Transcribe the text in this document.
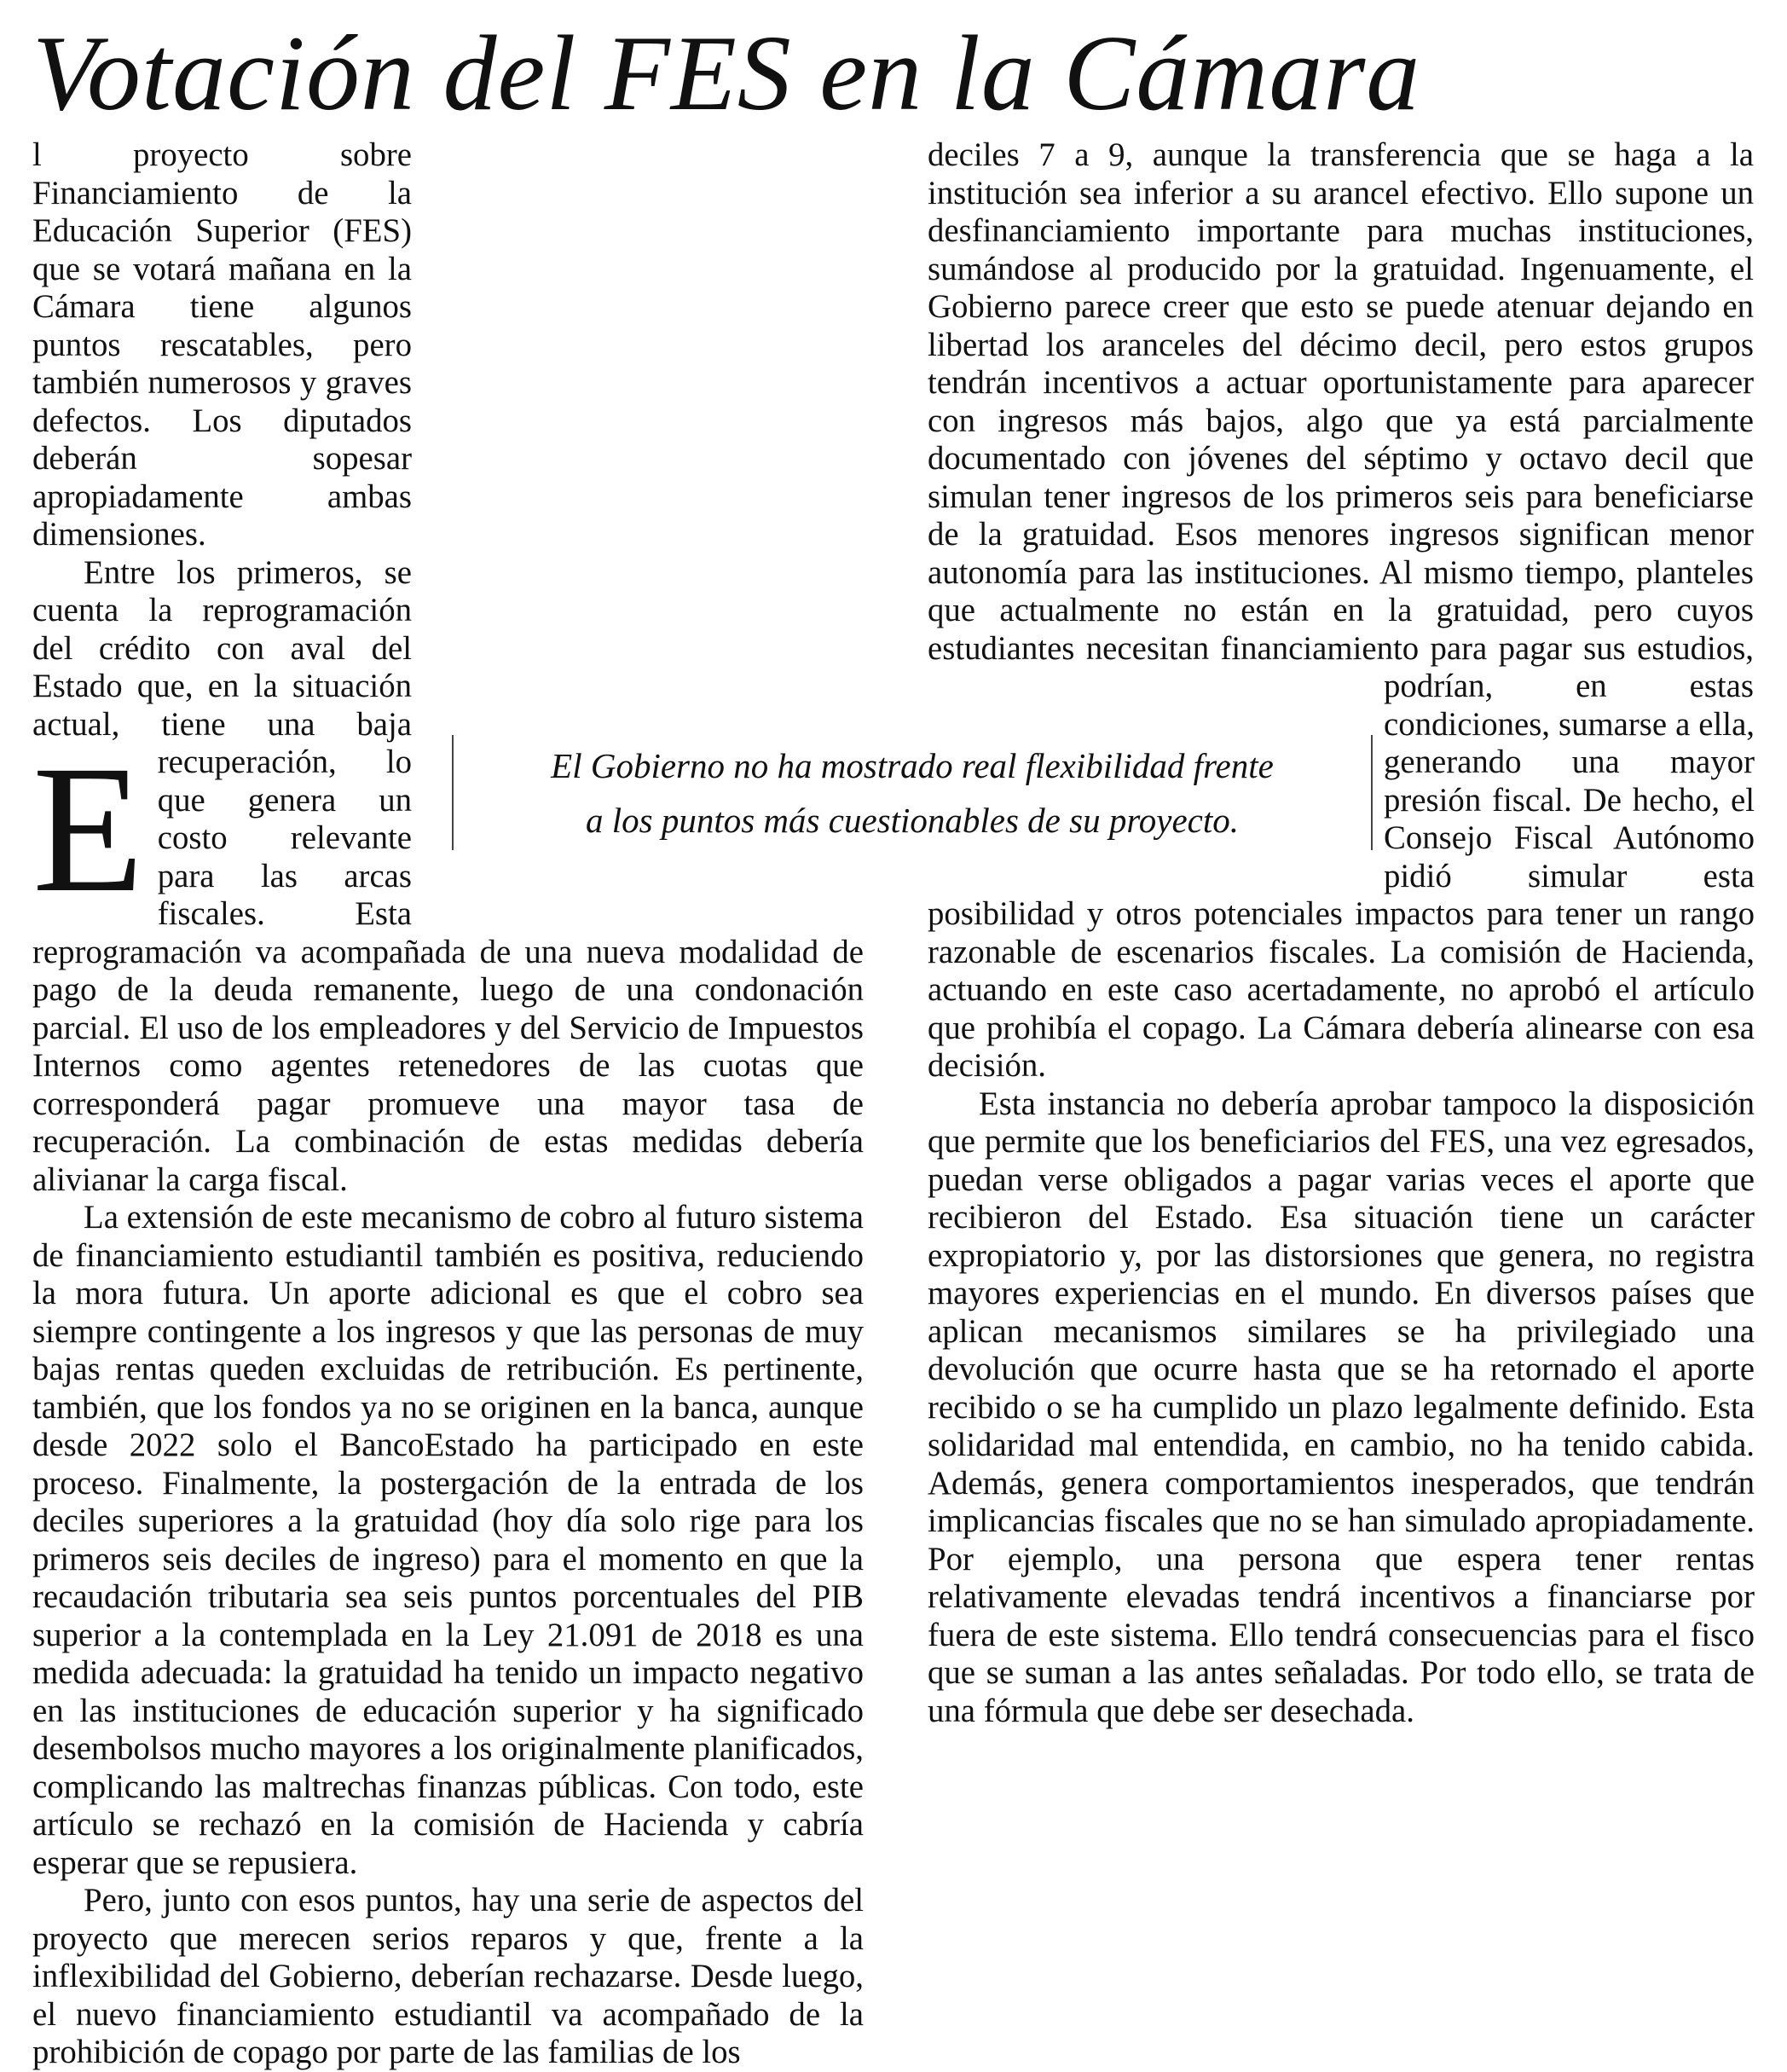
Votación del FES en la Cámara

E
l proyecto sobre Financiamiento de la Educación Superior (FES) que se votará mañana en la Cámara tiene algunos puntos rescatables, pero también numerosos y graves defectos. Los diputados deberán sopesar apropiadamente ambas dimensiones.

Entre los primeros, se cuenta la reprogramación del crédito con aval del Estado que, en la situación actual, tiene una baja recuperación, lo que genera un costo relevante para las arcas fiscales. Esta reprogramación va acompañada de una nueva modalidad de pago de la deuda remanente, luego de una condonación parcial. El uso de los empleadores y del Servicio de Impuestos Internos como agentes retenedores de las cuotas que corresponderá pagar promueve una mayor tasa de recuperación. La combinación de estas medidas debería alivianar la carga fiscal.

La extensión de este mecanismo de cobro al futuro sistema de financiamiento estudiantil también es positiva, reduciendo la mora futura. Un aporte adicional es que el cobro sea siempre contingente a los ingresos y que las personas de muy bajas rentas queden excluidas de retribución. Es pertinente, también, que los fondos ya no se originen en la banca, aunque desde 2022 solo el BancoEstado ha participado en este proceso. Finalmente, la postergación de la entrada de los deciles superiores a la gratuidad (hoy día solo rige para los primeros seis deciles de ingreso) para el momento en que la recaudación tributaria sea seis puntos porcentuales del PIB superior a la contemplada en la Ley 21.091 de 2018 es una medida adecuada: la gratuidad ha tenido un impacto negativo en las instituciones de educación superior y ha significado desembolsos mucho mayores a los originalmente planificados, complicando las maltrechas finanzas públicas. Con todo, este artículo se rechazó en la comisión de Hacienda y cabría esperar que se repusiera.

Pero, junto con esos puntos, hay una serie de aspectos del proyecto que merecen serios reparos y que, frente a la inflexibilidad del Gobierno, deberían rechazarse. Desde luego, el nuevo financiamiento estudiantil va acompañado de la prohibición de copago por parte de las familias de los

deciles 7 a 9, aunque la transferencia que se haga a la institución sea inferior a su arancel efectivo. Ello supone un desfinanciamiento importante para muchas instituciones, sumándose al producido por la gratuidad. Ingenuamente, el Gobierno parece creer que esto se puede atenuar dejando en libertad los aranceles del décimo decil, pero estos grupos tendrán incentivos a actuar oportunistamente para aparecer con ingresos más bajos, algo que ya está parcialmente documentado con jóvenes del séptimo y octavo decil que simulan tener ingresos de los primeros seis para beneficiarse de la gratuidad. Esos menores ingresos significan menor autonomía para las instituciones. Al mismo tiempo, planteles que actualmente no están en la gratuidad, pero cuyos estudiantes necesitan financiamiento para pagar sus estudios, podrían, en estas condiciones, sumarse a ella, generando una mayor presión fiscal. De hecho, el Consejo Fiscal Autónomo pidió simular esta posibilidad y otros potenciales impactos para tener un rango razonable de escenarios fiscales. La comisión de Hacienda, actuando en este caso acertadamente, no aprobó el artículo que prohibía el copago. La Cámara debería alinearse con esa decisión.

Esta instancia no debería aprobar tampoco la disposición que permite que los beneficiarios del FES, una vez egresados, puedan verse obligados a pagar varias veces el aporte que recibieron del Estado. Esa situación tiene un carácter expropiatorio y, por las distorsiones que genera, no registra mayores experiencias en el mundo. En diversos países que aplican mecanismos similares se ha privilegiado una devolución que ocurre hasta que se ha retornado el aporte recibido o se ha cumplido un plazo legalmente definido. Esta solidaridad mal entendida, en cambio, no ha tenido cabida. Además, genera comportamientos inesperados, que tendrán implicancias fiscales que no se han simulado apropiadamente. Por ejemplo, una persona que espera tener rentas relativamente elevadas tendrá incentivos a financiarse por fuera de este sistema. Ello tendrá consecuencias para el fisco que se suman a las antes señaladas. Por todo ello, se trata de una fórmula que debe ser desechada.

El Gobierno no ha mostrado real flexibilidad frente
a los puntos más cuestionables de su proyecto.
